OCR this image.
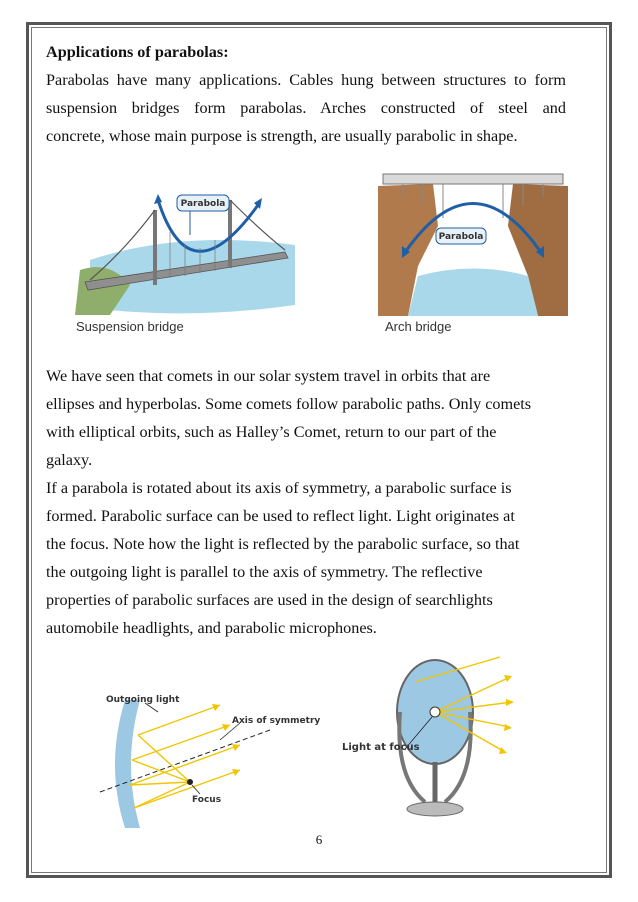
Applications of parabolas:
Parabolas have many applications. Cables hung between structures to form
suspension bridges form parabolas. Arches constructed of steel and
concrete, whose main purpose is strength, are usually parabolic in shape.
Parabola
Suspension bridge
Parabola
Arch bridge
We have seen that comets in our solar system travel in orbits that are
ellipses and hyperbolas. Some comets follow parabolic paths. Only comets
with elliptical orbits, such as Halley’s Comet, return to our part of the
galaxy.
If a parabola is rotated about its axis of symmetry, a parabolic surface is
formed. Parabolic surface can be used to reflect light. Light originates at
the focus. Note how the light is reflected by the parabolic surface, so that
the outgoing light is parallel to the axis of symmetry. The reflective
properties of parabolic surfaces are used in the design of searchlights
automobile headlights, and parabolic microphones.
Outgoing light
Axis of symmetry
Focus
Light at focus
6
